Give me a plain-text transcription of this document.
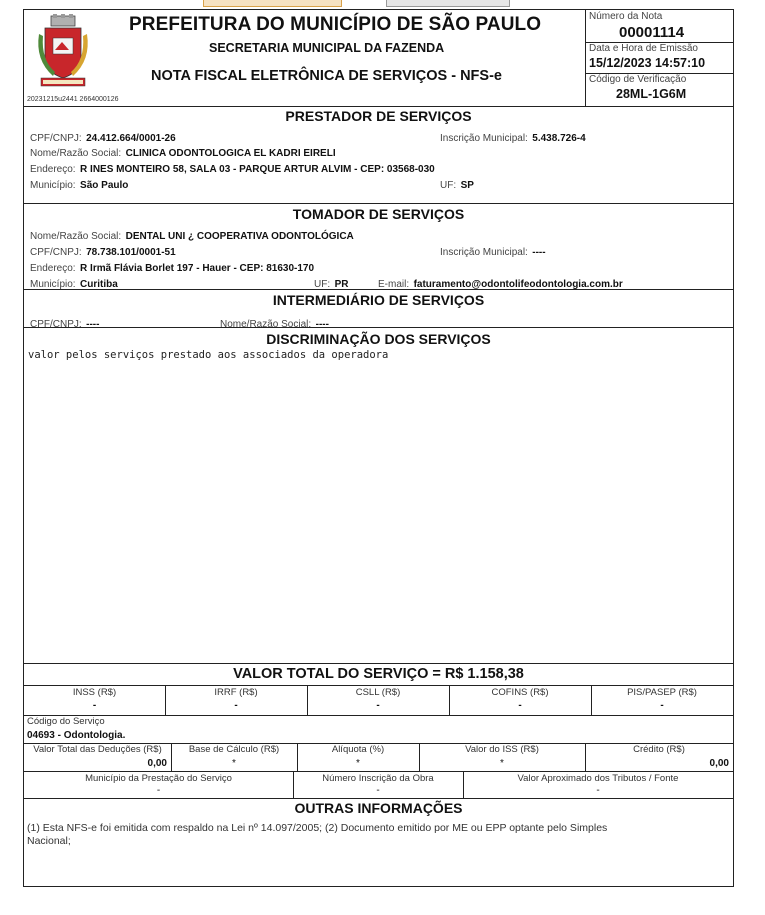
20231215u2441 2664000126
PREFEITURA DO MUNICÍPIO DE SÃO PAULO
SECRETARIA MUNICIPAL DA FAZENDA
NOTA FISCAL ELETRÔNICA DE SERVIÇOS - NFS-e
Número da Nota
00001114
Data e Hora de Emissão
15/12/2023 14:57:10
Código de Verificação
28ML-1G6M
PRESTADOR DE SERVIÇOS
CPF/CNPJ: 24.412.664/0001-26	Inscrição Municipal: 5.438.726-4
Nome/Razão Social: CLINICA ODONTOLOGICA EL KADRI EIRELI
Endereço: R INES MONTEIRO 58, SALA 03 - PARQUE ARTUR ALVIM - CEP: 03568-030
Município: São Paulo	UF: SP
TOMADOR DE SERVIÇOS
Nome/Razão Social: DENTAL UNI ¿ COOPERATIVA ODONTOLÓGICA
CPF/CNPJ: 78.738.101/0001-51	Inscrição Municipal: ----
Endereço: R Irmã Flávia Borlet 197 - Hauer - CEP: 81630-170
Município: Curitiba	UF: PR	E-mail: faturamento@odontolifeodontologia.com.br
INTERMEDIÁRIO DE SERVIÇOS
CPF/CNPJ: ----	Nome/Razão Social: ----
DISCRIMINAÇÃO DOS SERVIÇOS
valor pelos serviços prestado aos associados da operadora
VALOR TOTAL DO SERVIÇO = R$ 1.158,38
INSS (R$)
-
IRRF (R$)
-
CSLL (R$)
-
COFINS (R$)
-
PIS/PASEP (R$)
-
Código do Serviço
04693 - Odontologia.
Valor Total das Deduções (R$)
0,00
Base de Cálculo (R$)
*
Alíquota (%)
*
Valor do ISS (R$)
*
Crédito (R$)
0,00
Município da Prestação do Serviço
-
Número Inscrição da Obra
-
Valor Aproximado dos Tributos / Fonte
-
OUTRAS INFORMAÇÕES
(1) Esta NFS-e foi emitida com respaldo na Lei nº 14.097/2005; (2) Documento emitido por ME ou EPP optante pelo Simples
Nacional;
